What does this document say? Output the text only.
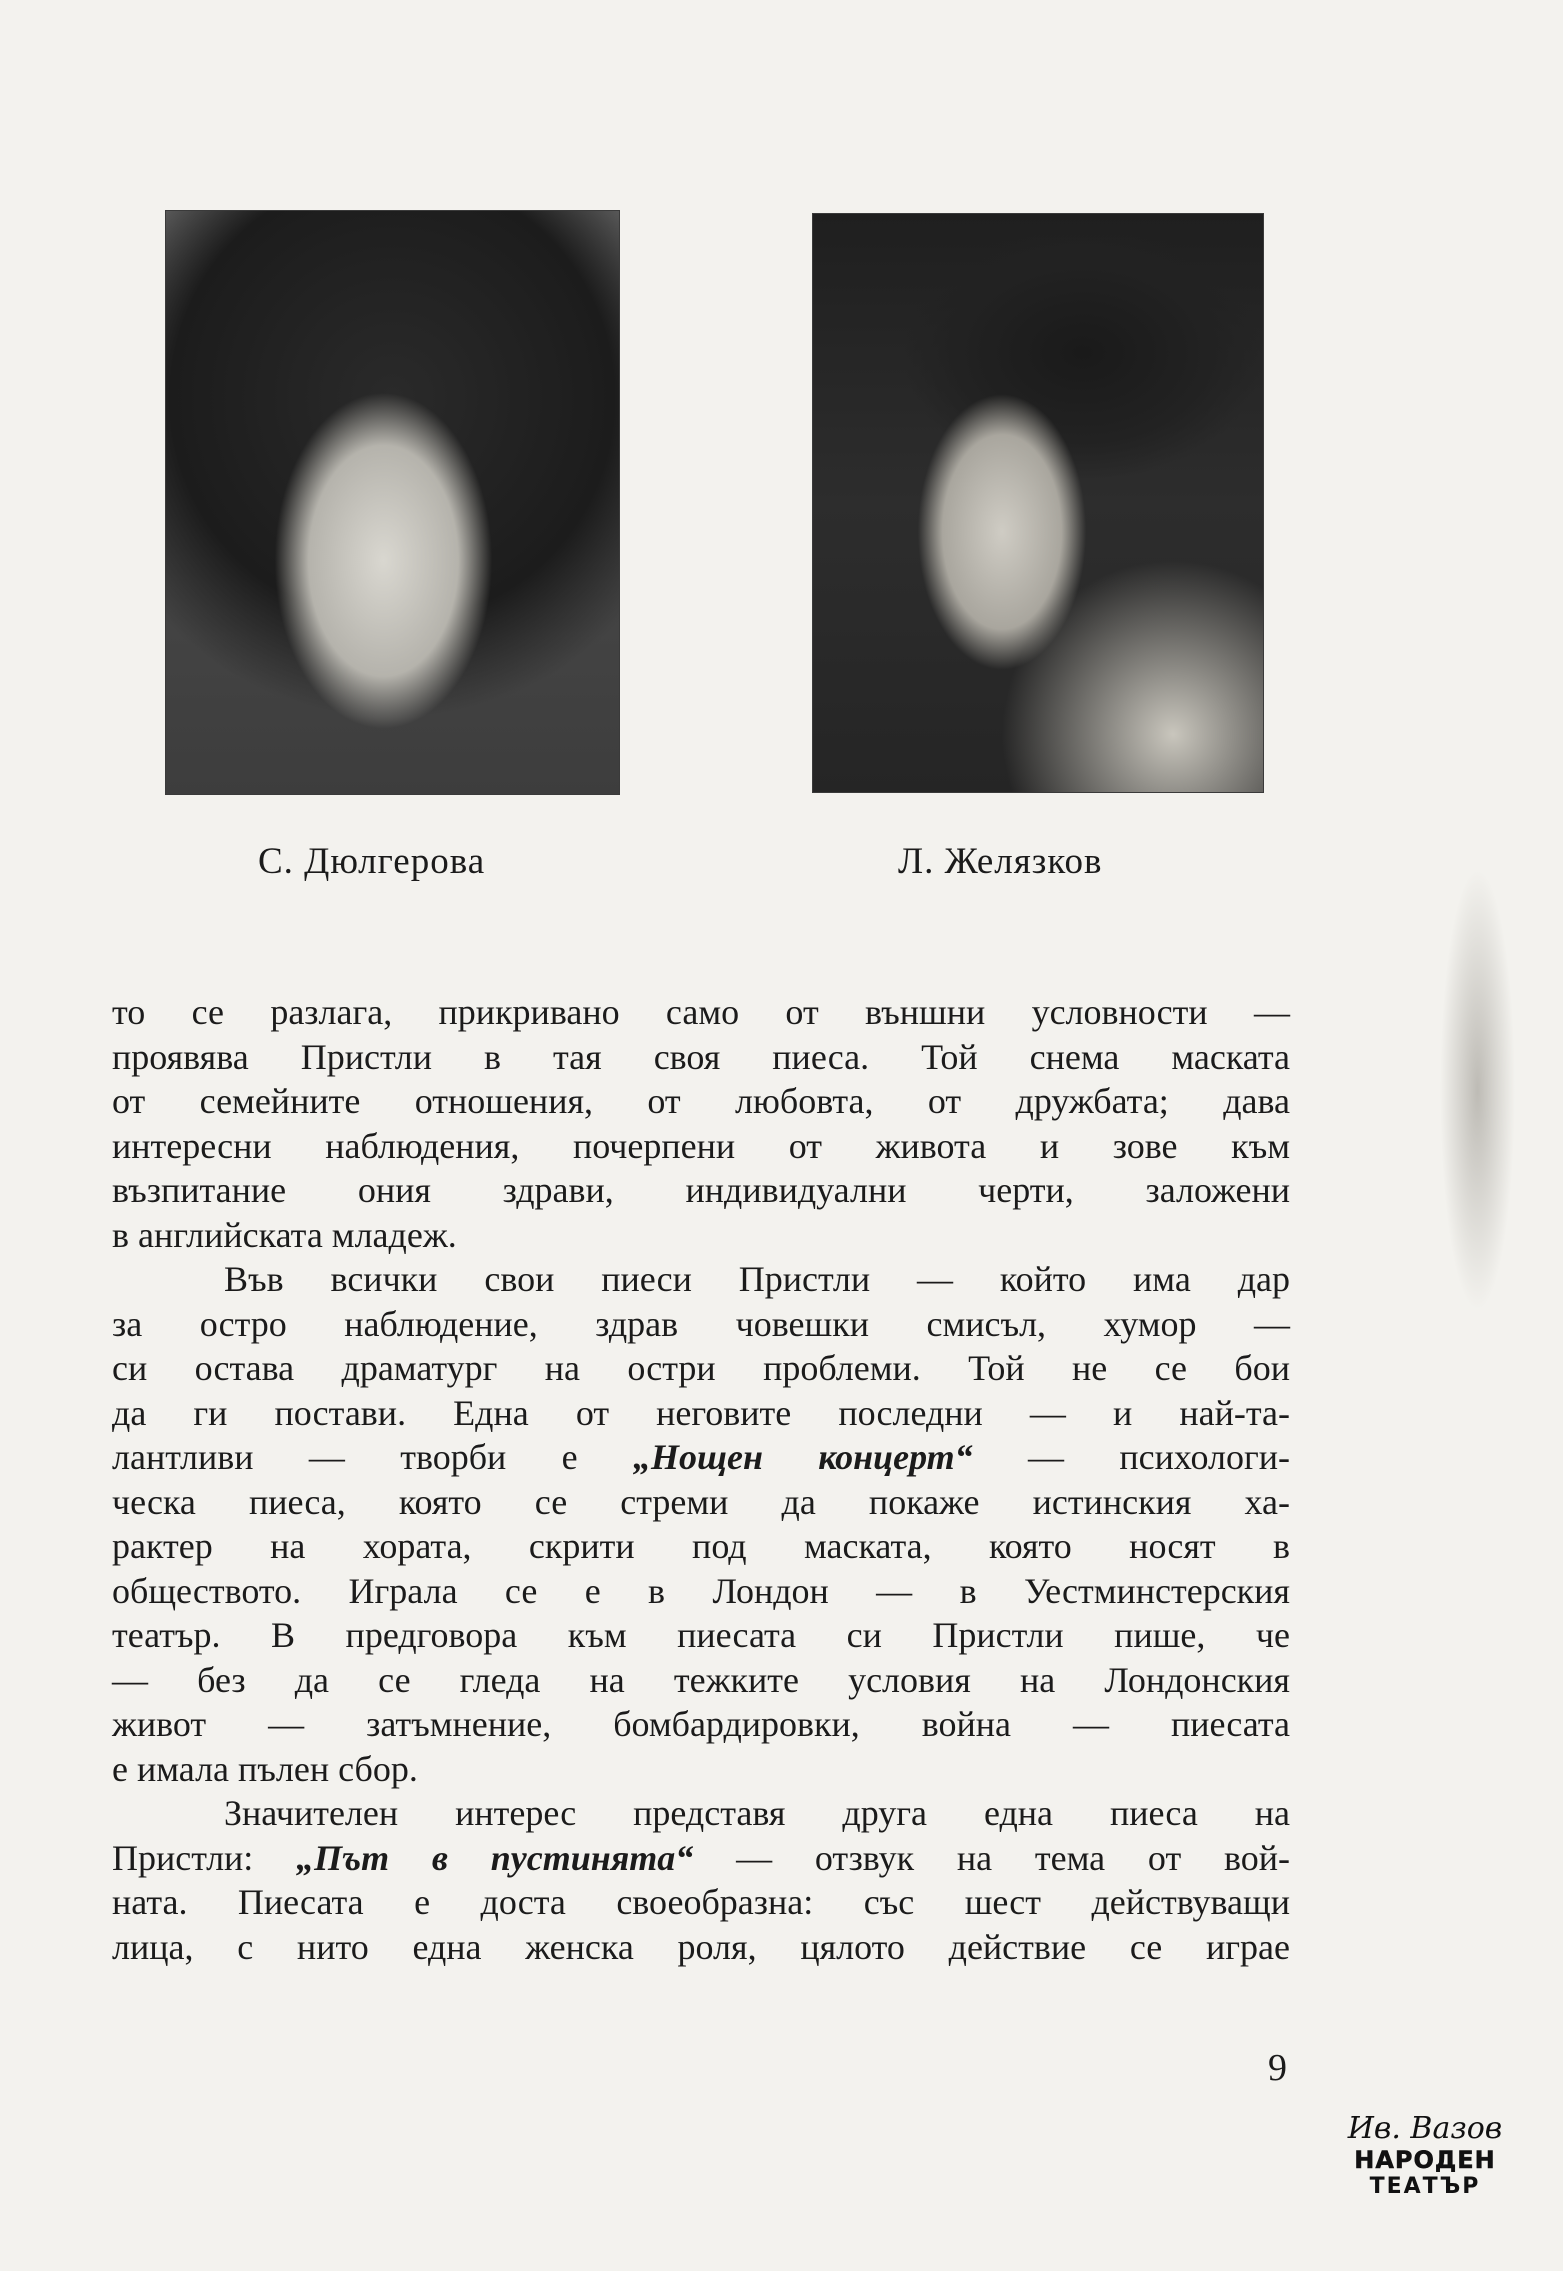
С. Дюлгерова	Л. Желязков
то се разлага, прикривано само от външни условности —
проявява Пристли в тая своя пиеса. Той снема маската
от семейните отношения, от любовта, от дружбата; дава
интересни наблюдения, почерпени от живота и зове към
възпитание ония здрави, индивидуални черти, заложени
в английската младеж.
Във всички свои пиеси Пристли — който има дар
за остро наблюдение, здрав човешки смисъл, хумор —
си остава драматург на остри проблеми. Той не се бои
да ги постави. Една от неговите последни — и най-та-
лантливи — творби е „Нощен концерт“ — психологи-
ческа пиеса, която се стреми да покаже истинския ха-
рактер на хората, скрити под маската, която носят в
обществото. Играла се е в Лондон — в Уестминстерския
театър. В предговора към пиесата си Пристли пише, че
— без да се гледа на тежките условия на Лондонския
живот — затъмнение, бомбардировки, война — пиесата
е имала пълен сбор.
Значителен интерес представя друга една пиеса на
Пристли: „Път в пустинята“ — отзвук на тема от вой-
ната. Пиесата е доста своеобразна: със шест действуващи
лица, с нито една женска роля, цялото действие се играе
9
Ив. Вазов
НАРОДЕН
ТЕАТЪР
